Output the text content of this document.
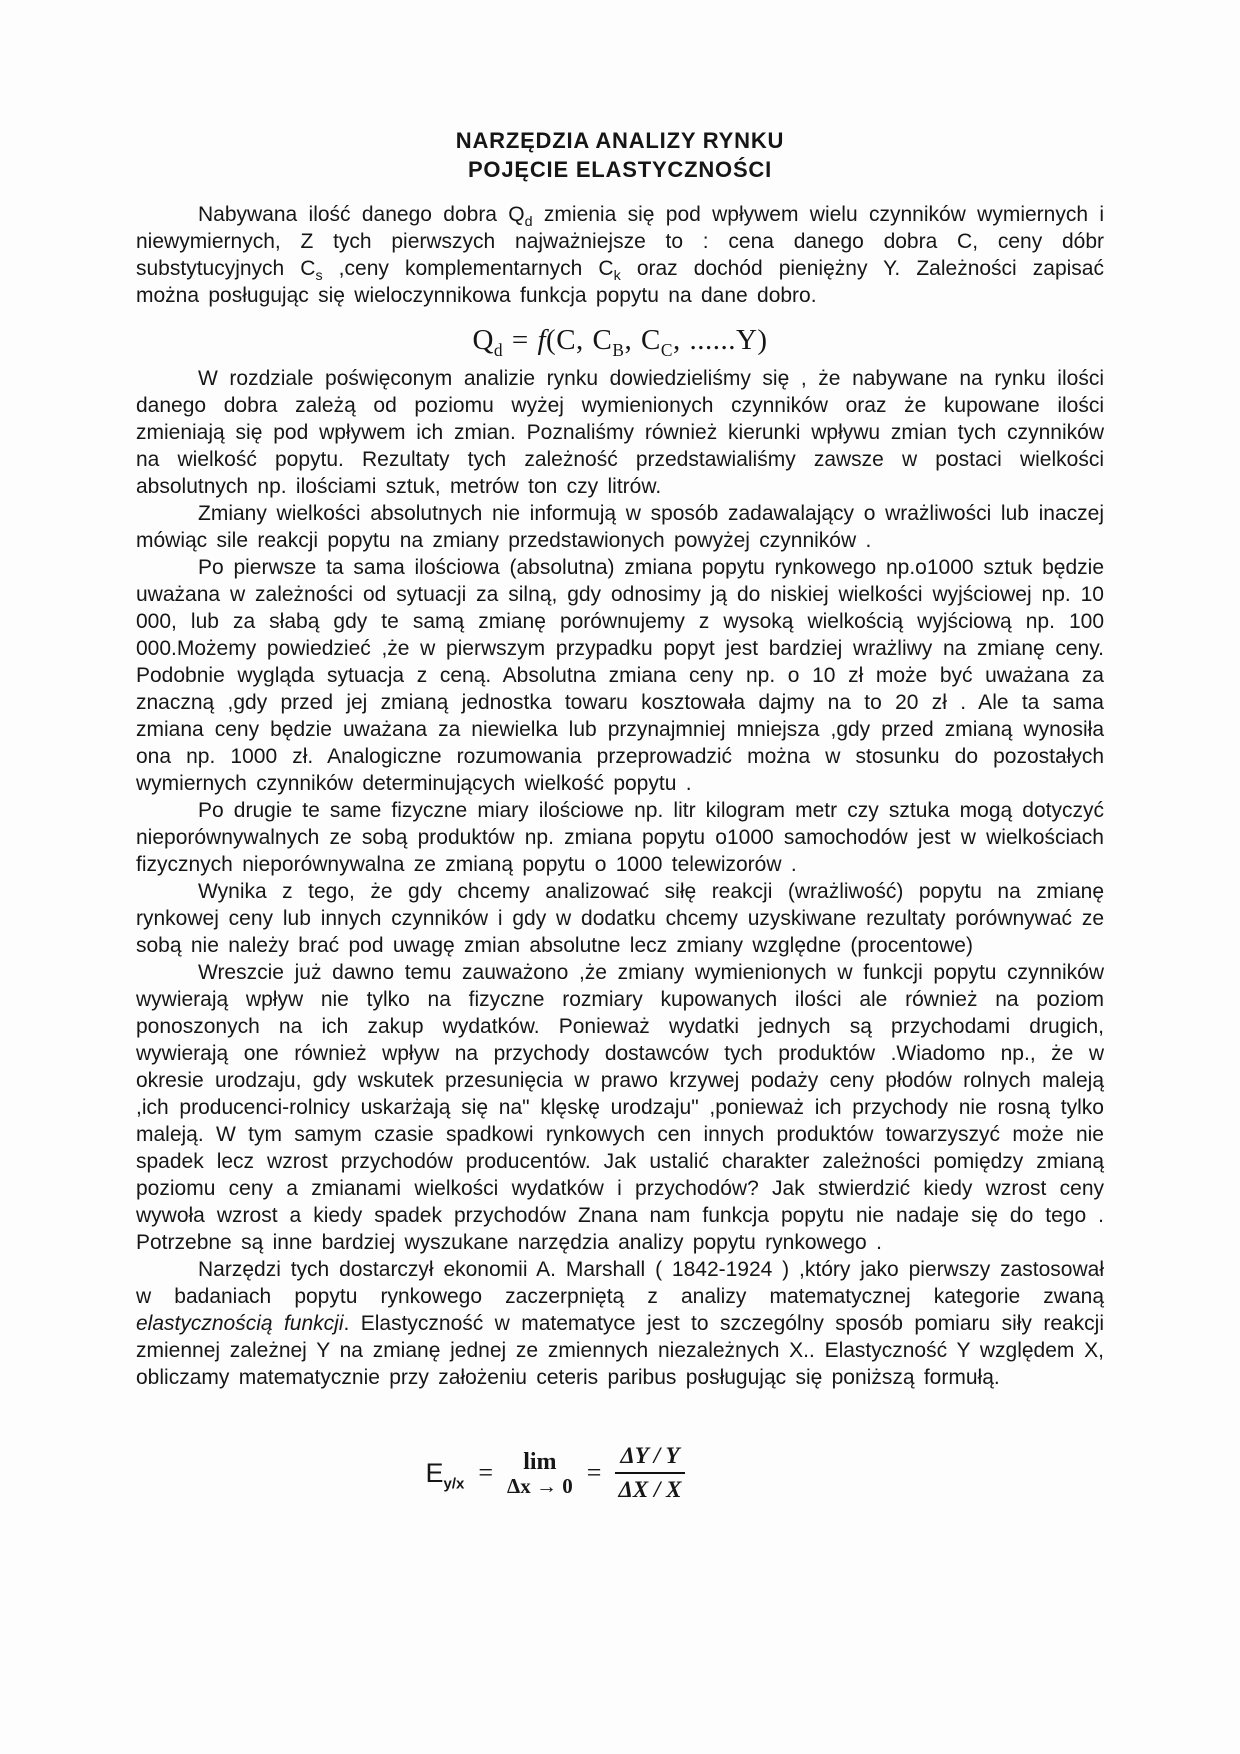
NARZĘDZIA ANALIZY RYNKU
POJĘCIE ELASTYCZNOŚCI

Nabywana ilość danego dobra $Q_d$ zmienia się pod wpływem wielu czynników wymiernych i niewymiernych, Z tych pierwszych najważniejsze to : cena danego dobra C, ceny dóbr substytucyjnych $C_s$ ,ceny komplementarnych $C_k$ oraz dochód pieniężny Y. Zależności zapisać można posługując się wieloczynnikowa funkcja popytu na dane dobro.

$Q_d = f(C$, $C_B$, $C_C$, ......Y)

W rozdziale poświęconym analizie rynku dowiedzieliśmy się , że nabywane na rynku ilości danego dobra zależą od poziomu wyżej wymienionych czynników oraz że kupowane ilości zmieniają się pod wpływem ich zmian. Poznaliśmy również kierunki wpływu zmian tych czynników na wielkość popytu. Rezultaty tych zależność przedstawialiśmy zawsze w postaci wielkości absolutnych np. ilościami sztuk, metrów ton czy litrów.

Zmiany wielkości absolutnych nie informują w sposób zadawalający o wrażliwości lub inaczej mówiąc sile reakcji popytu na zmiany przedstawionych powyżej czynników .

Po pierwsze ta sama ilościowa (absolutna) zmiana popytu rynkowego np.o1000 sztuk będzie uważana w zależności od sytuacji za silną, gdy odnosimy ją do niskiej wielkości wyjściowej np. 10 000, lub za słabą gdy te samą zmianę porównujemy z wysoką wielkością wyjściową np. 100 000.Możemy powiedzieć ,że w pierwszym przypadku popyt jest bardziej wrażliwy na zmianę ceny. Podobnie wygląda sytuacja z ceną. Absolutna zmiana ceny np. o 10 zł może być uważana za znaczną ,gdy przed jej zmianą jednostka towaru kosztowała dajmy na to 20 zł . Ale ta sama zmiana ceny będzie uważana za niewielka lub przynajmniej mniejsza ,gdy przed zmianą wynosiła ona np. 1000 zł. Analogiczne rozumowania przeprowadzić można w stosunku do pozostałych wymiernych czynników determinujących wielkość popytu .

Po drugie te same fizyczne miary ilościowe np. litr kilogram metr czy sztuka mogą dotyczyć nieporównywalnych ze sobą produktów np. zmiana popytu o1000 samochodów jest w wielkościach fizycznych nieporównywalna ze zmianą popytu o 1000 telewizorów .

Wynika z tego, że gdy chcemy analizować siłę reakcji (wrażliwość) popytu na zmianę rynkowej ceny lub innych czynników i gdy w dodatku chcemy uzyskiwane rezultaty porównywać ze sobą nie należy brać pod uwagę zmian absolutne lecz zmiany względne (procentowe)

Wreszcie już dawno temu zauważono ,że zmiany wymienionych w funkcji popytu czynników wywierają wpływ nie tylko na fizyczne rozmiary kupowanych ilości ale również na poziom ponoszonych na ich zakup wydatków. Ponieważ wydatki jednych są przychodami drugich, wywierają one również wpływ na przychody dostawców tych produktów .Wiadomo np., że w okresie urodzaju, gdy wskutek przesunięcia w prawo krzywej podaży ceny płodów rolnych maleją ,ich producenci-rolnicy uskarżają się na" klęskę urodzaju" ,ponieważ ich przychody nie rosną tylko maleją. W tym samym czasie spadkowi rynkowych cen innych produktów towarzyszyć może nie spadek lecz wzrost przychodów producentów. Jak ustalić charakter zależności pomiędzy zmianą poziomu ceny a zmianami wielkości wydatków i przychodów? Jak stwierdzić kiedy wzrost ceny wywoła wzrost a kiedy spadek przychodów Znana nam funkcja popytu nie nadaje się do tego . Potrzebne są inne bardziej wyszukane narzędzia analizy popytu rynkowego .

Narzędzi tych dostarczył ekonomii A. Marshall ( 1842-1924 ) ,który jako pierwszy zastosował w badaniach popytu rynkowego zaczerpniętą z analizy matematycznej kategorie zwaną elastycznością funkcji. Elastyczność w matematyce jest to szczególny sposób pomiaru siły reakcji zmiennej zależnej Y na zmianę jednej ze zmiennych niezależnych X.. Elastyczność Y względem X, obliczamy matematycznie przy założeniu ceteris paribus posługując się poniższą formułą.

$E_{y/x} = \lim$
$\Delta x \to 0 = \frac{\Delta Y / Y}{\Delta X / X}$
